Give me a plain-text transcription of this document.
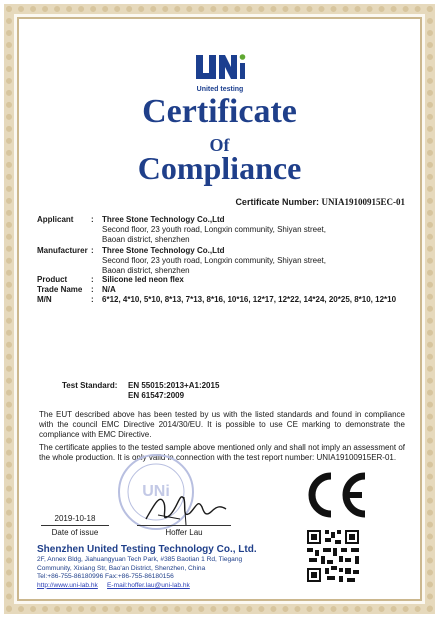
United testing
Certificate
Of
Compliance
Certificate Number: UNIA19100915EC-01
Applicant	: Three Stone Technology Co.,Ltd
Second floor, 23 youth road, Longxin community, Shiyan street,
Baoan district, shenzhen
Manufacturer : Three Stone Technology Co.,Ltd
Second floor, 23 youth road, Longxin community, Shiyan street,
Baoan district, shenzhen
Product	: Silicone led neon flex
Trade Name	: N/A
M/N	: 6*12, 4*10, 5*10, 8*13, 7*13, 8*16, 10*16, 12*17, 12*22, 14*24, 20*25, 8*10, 12*10
Test Standard: EN 55015:2013+A1:2015
EN 61547:2009
The EUT described above has been tested by us with the listed standards and found in compliance with the council EMC Directive 2014/30/EU. It is possible to use CE marking to demonstrate the compliance with EMC Directive.
The certificate applies to the tested sample above mentioned only and shall not imply an assessment of the whole production. It is only valid in connection with the test report number: UNIA19100915ER-01.
UNi
2019-10-18
Date of issue	Hoffer Lau
Shenzhen United Testing Technology Co., Ltd.
2F, Annex Bldg, Jiahuangyuan Tech Park, #385 Baotian 1 Rd, Tiegang
Community, Xixiang Str, Bao'an District, Shenzhen, China
Tel:+86-755-86180996 Fax:+86-755-86180156
http://www.uni-lab.hk E-mail:hoffer.lau@uni-lab.hk
